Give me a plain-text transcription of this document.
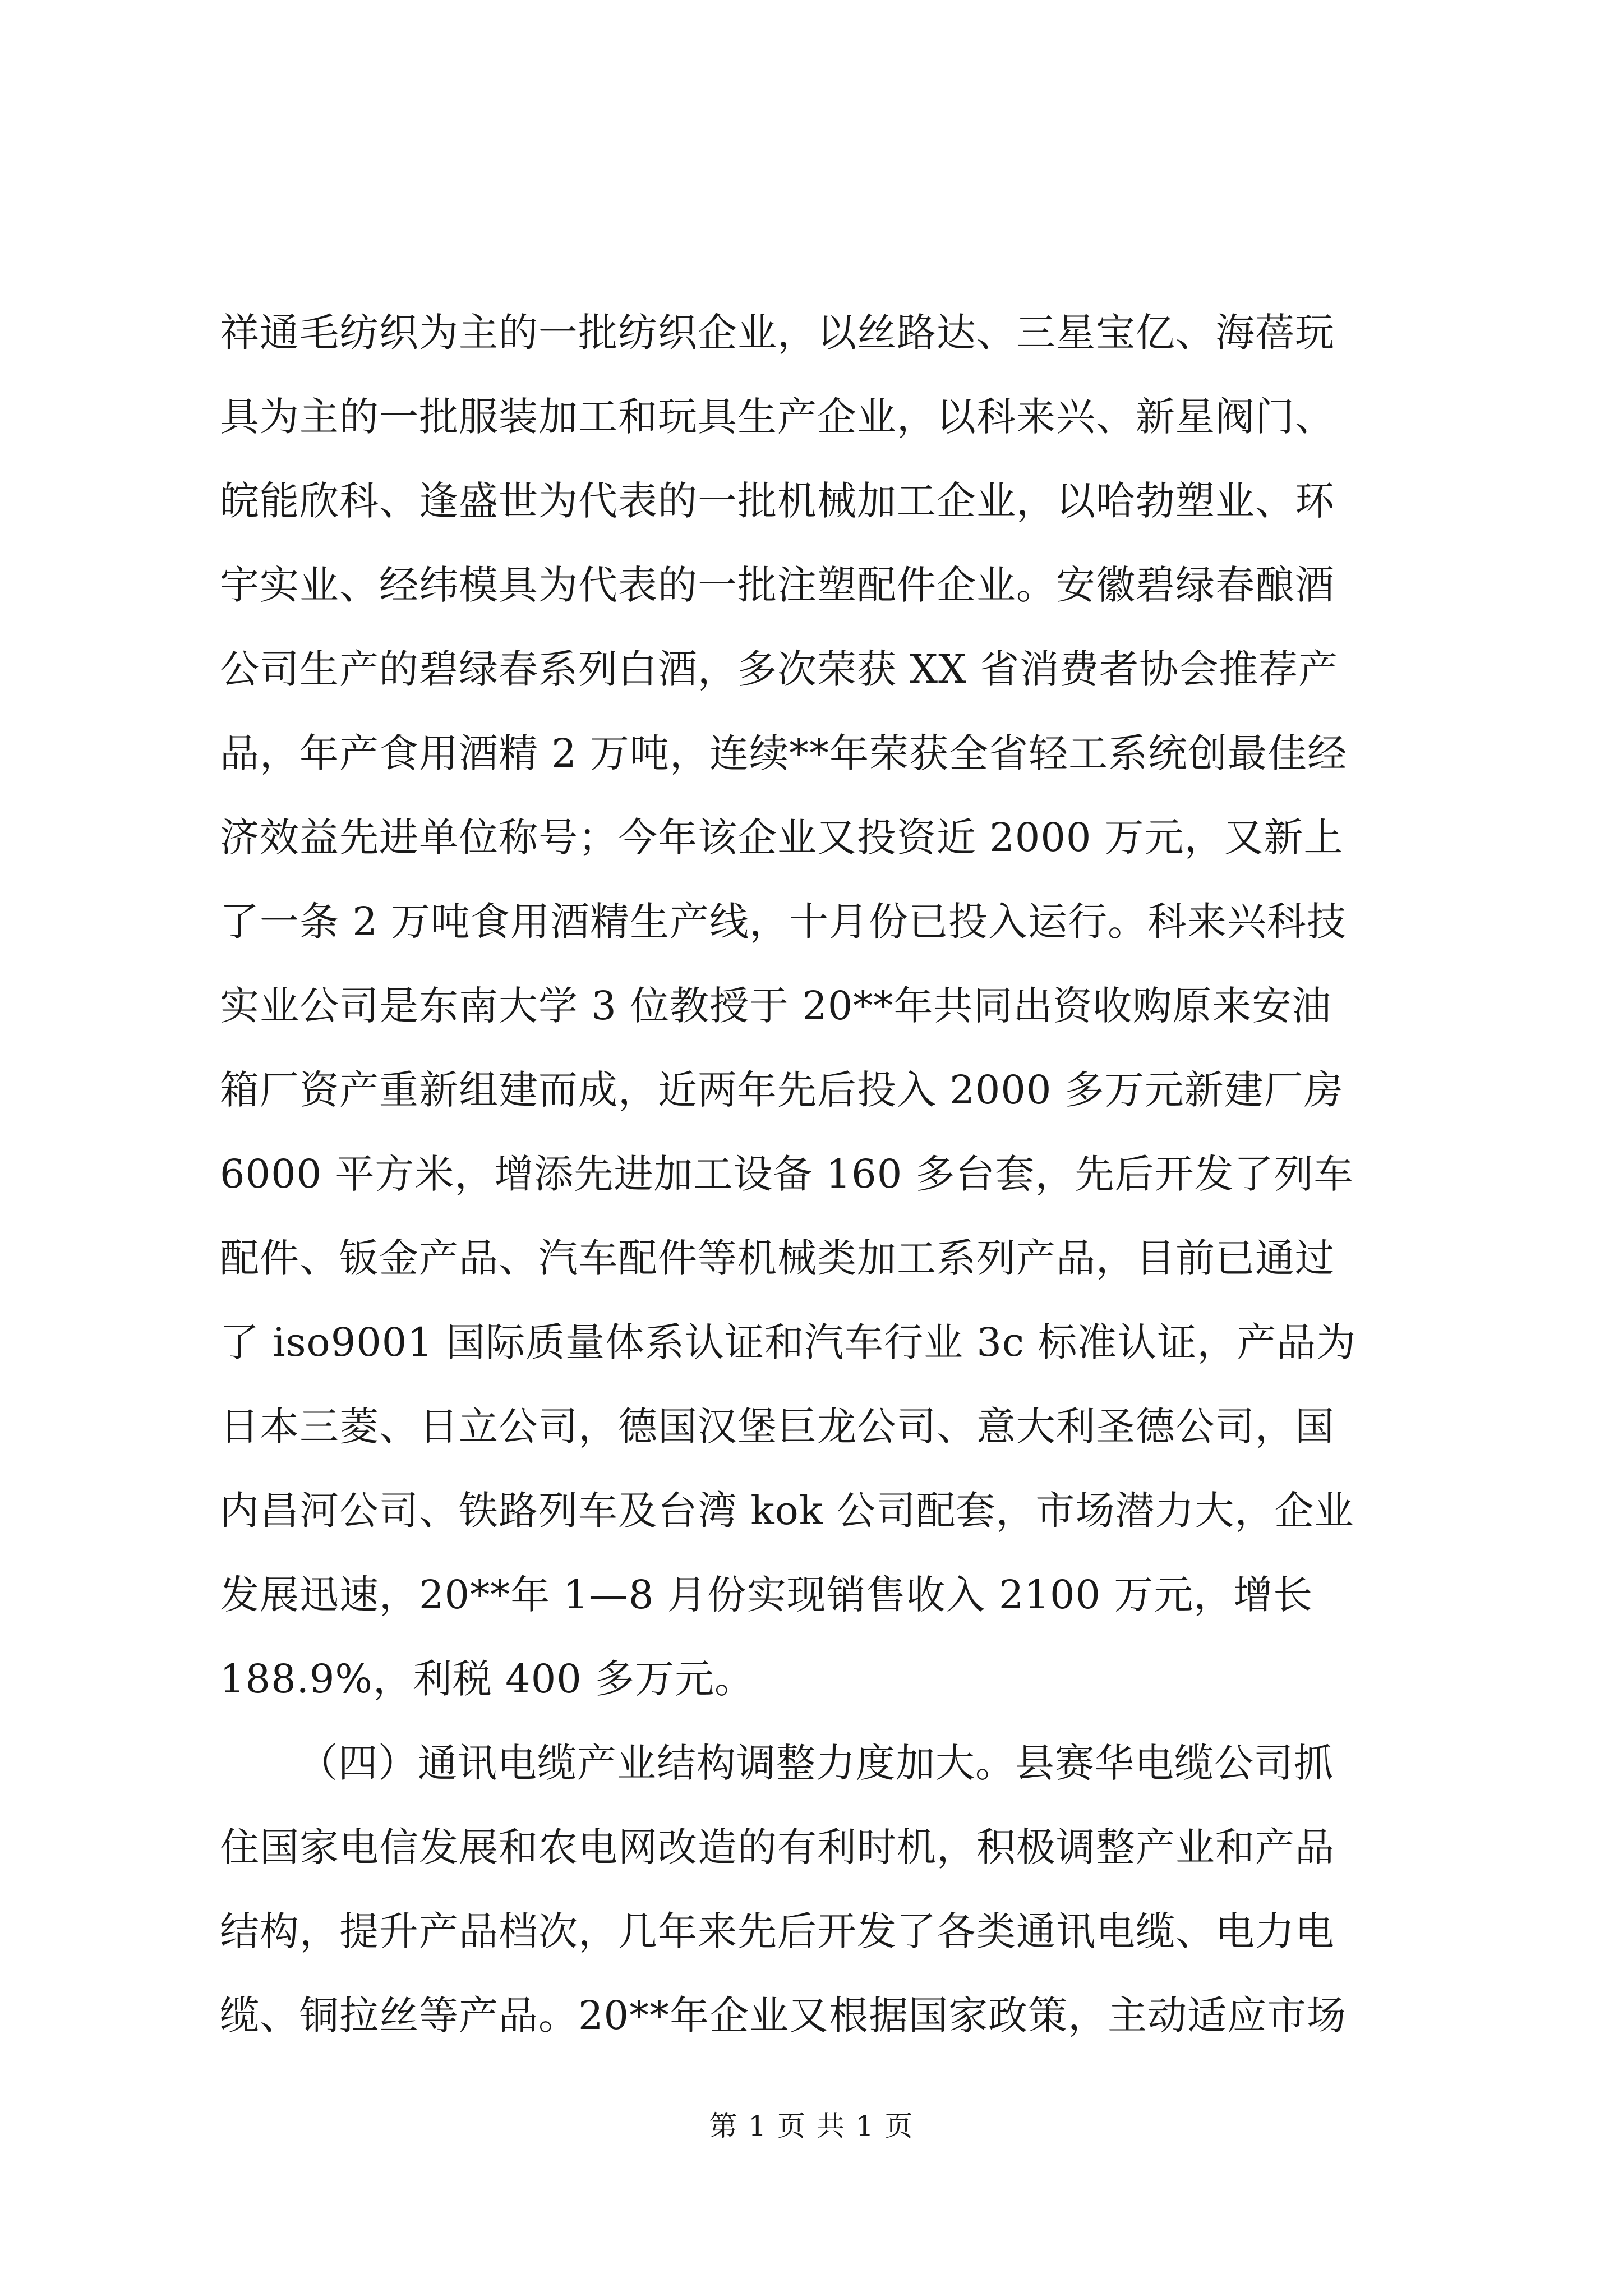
祥通毛纺织为主的一批纺织企业，以丝路达、三星宝亿、海蓓玩
具为主的一批服装加工和玩具生产企业，以科来兴、新星阀门、
皖能欣科、逢盛世为代表的一批机械加工企业，以哈勃塑业、环
宇实业、经纬模具为代表的一批注塑配件企业。安徽碧绿春酿酒
公司生产的碧绿春系列白酒，多次荣获 XX 省消费者协会推荐产
品，年产食用酒精 2 万吨，连续**年荣获全省轻工系统创最佳经
济效益先进单位称号；今年该企业又投资近 2000 万元，又新上
了一条 2 万吨食用酒精生产线，十月份已投入运行。科来兴科技
实业公司是东南大学 3 位教授于 20**年共同出资收购原来安油
箱厂资产重新组建而成，近两年先后投入 2000 多万元新建厂房
6000 平方米，增添先进加工设备 160 多台套，先后开发了列车
配件、钣金产品、汽车配件等机械类加工系列产品，目前已通过
了 iso9001 国际质量体系认证和汽车行业 3c 标准认证，产品为
日本三菱、日立公司，德国汉堡巨龙公司、意大利圣德公司，国
内昌河公司、铁路列车及台湾 kok 公司配套，市场潜力大，企业
发展迅速，20**年 1—8 月份实现销售收入 2100 万元，增长
188.9%，利税 400 多万元。
（四）通讯电缆产业结构调整力度加大。县赛华电缆公司抓
住国家电信发展和农电网改造的有利时机，积极调整产业和产品
结构，提升产品档次，几年来先后开发了各类通讯电缆、电力电
缆、铜拉丝等产品。20**年企业又根据国家政策，主动适应市场
第 1 页 共 1 页
